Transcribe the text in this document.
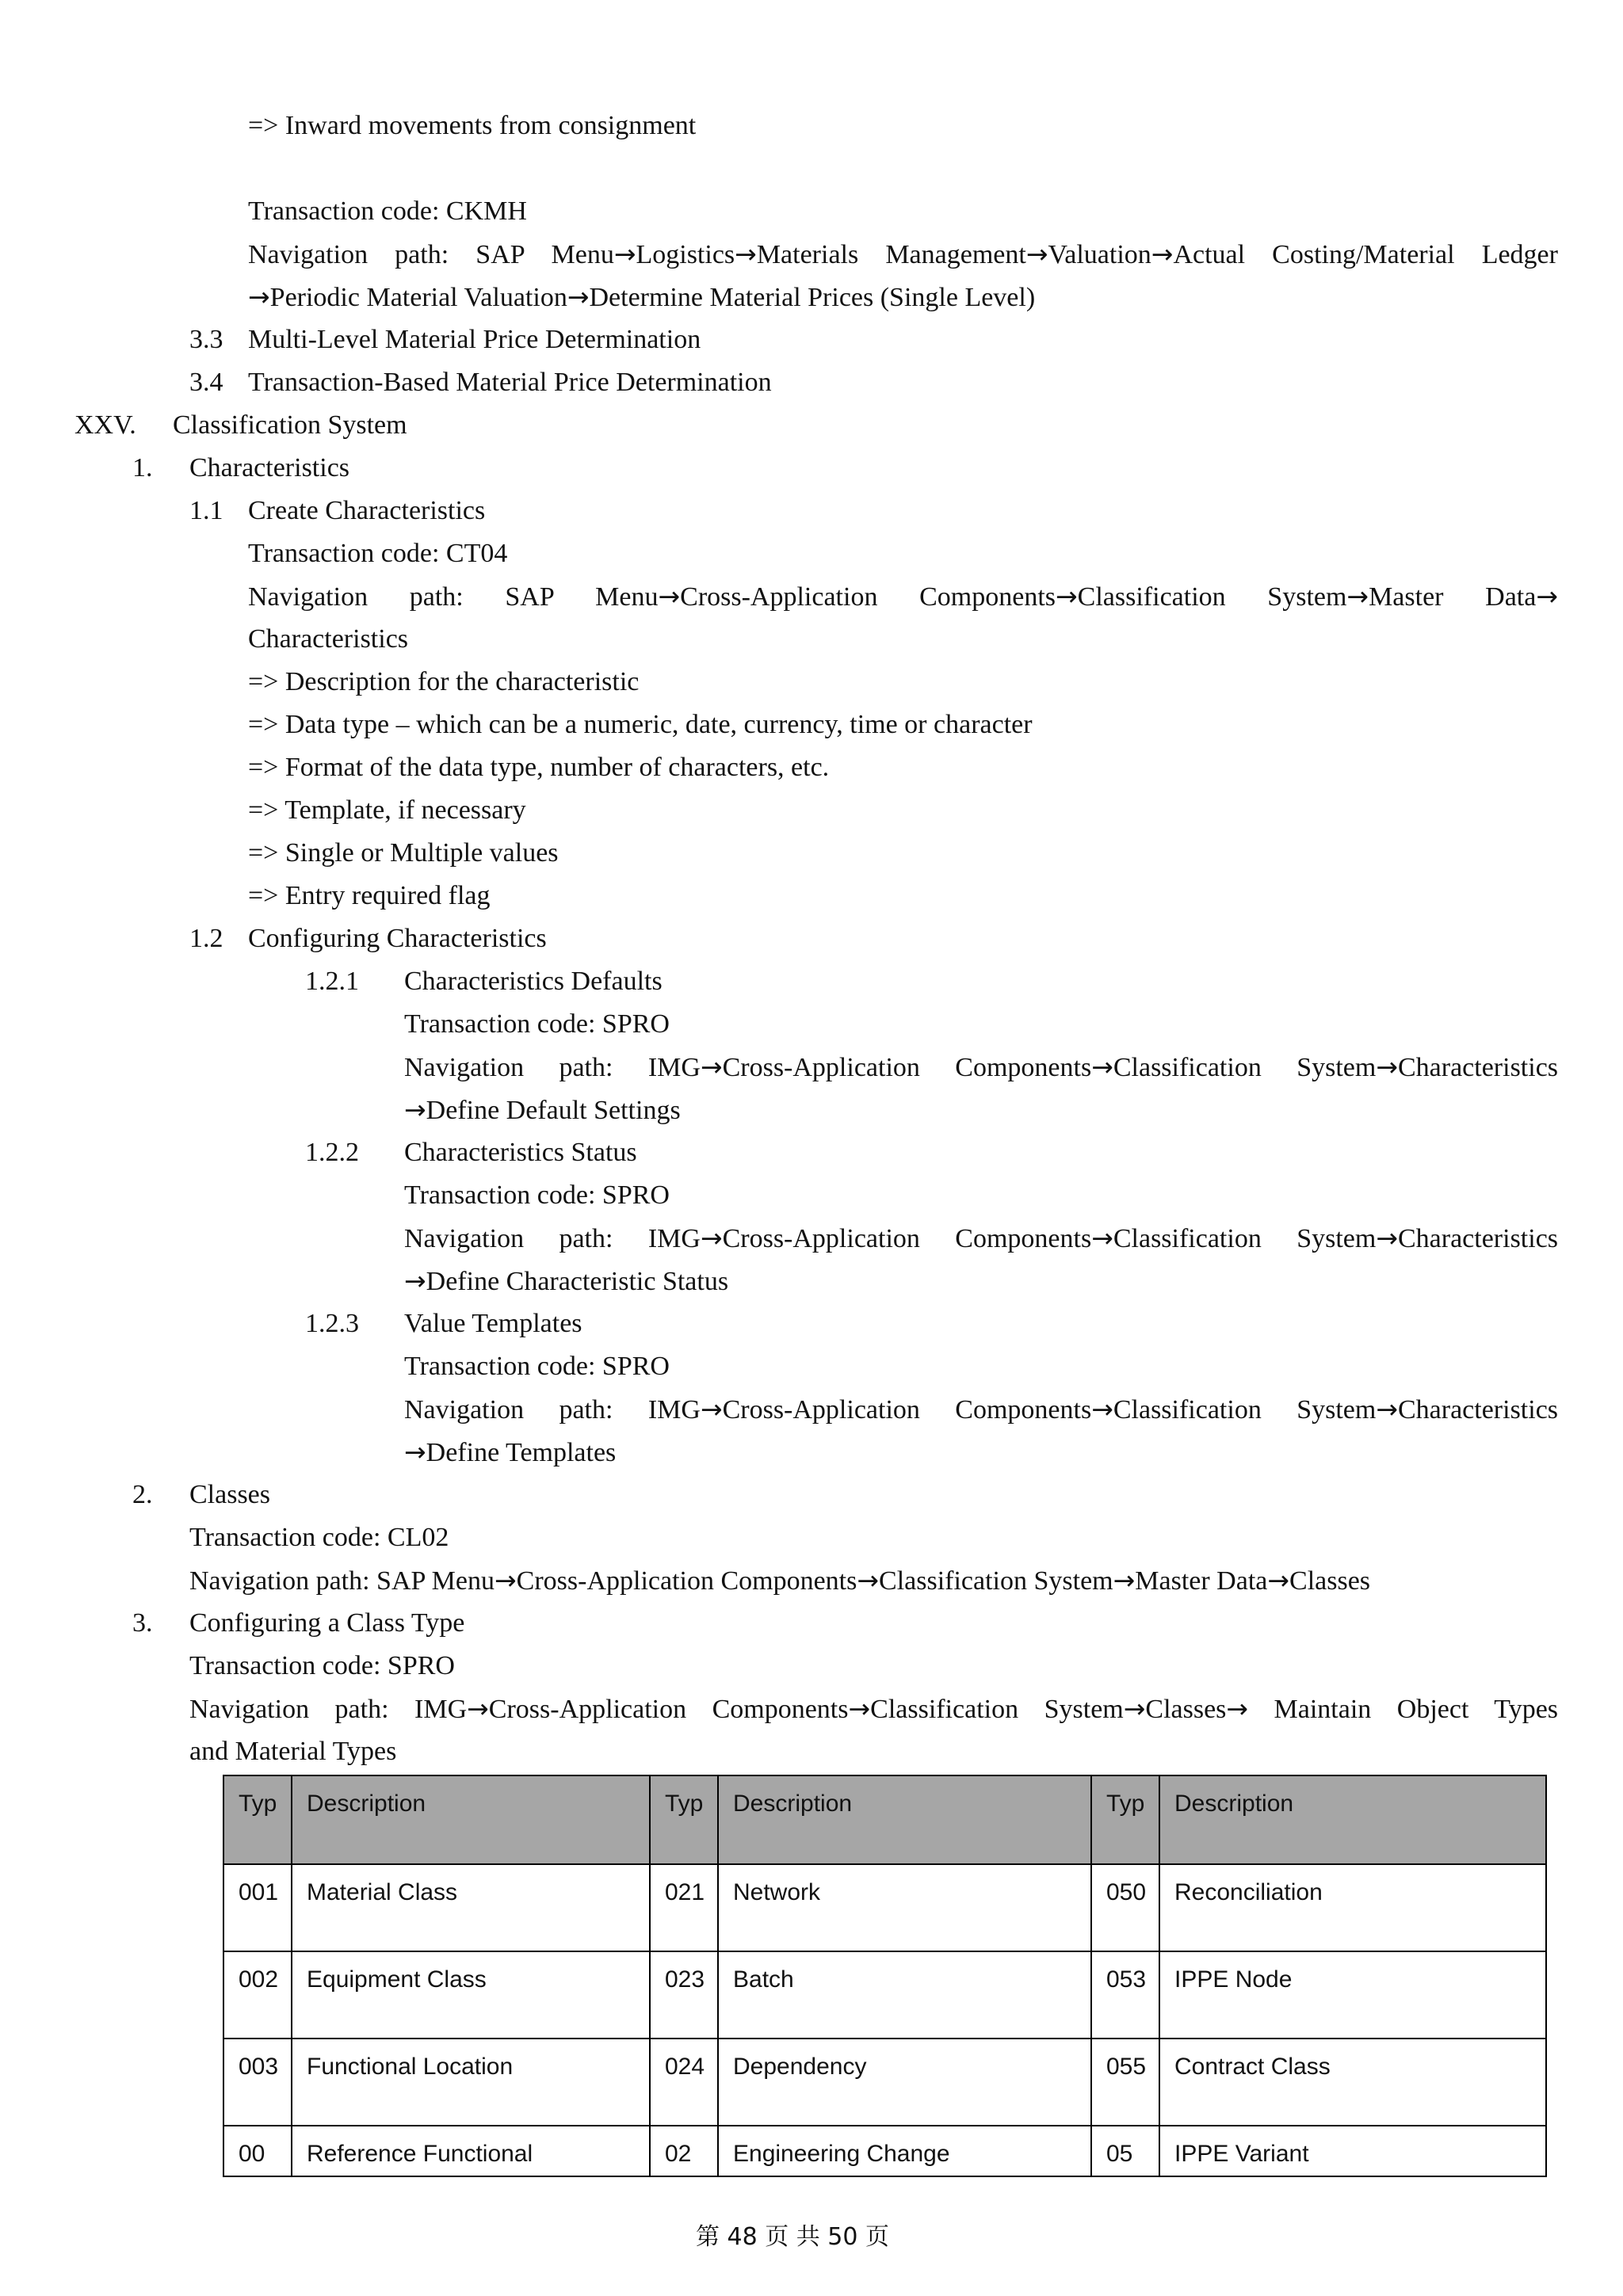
=> Inward movements from consignment
Transaction code: CKMH
Navigation path: SAP Menu→Logistics→Materials Management→Valuation→Actual Costing/Material Ledger
→Periodic Material Valuation→Determine Material Prices (Single Level)
3.3 Multi-Level Material Price Determination
3.4 Transaction-Based Material Price Determination
XXV. Classification System
1. Characteristics
1.1 Create Characteristics
Transaction code: CT04
Navigation path: SAP Menu→Cross-Application Components→Classification System→Master Data→
Characteristics
=> Description for the characteristic
=> Data type – which can be a numeric, date, currency, time or character
=> Format of the data type, number of characters, etc.
=> Template, if necessary
=> Single or Multiple values
=> Entry required flag
1.2 Configuring Characteristics
1.2.1 Characteristics Defaults
Transaction code: SPRO
Navigation path: IMG→Cross-Application Components→Classification System→Characteristics
→Define Default Settings
1.2.2 Characteristics Status
Transaction code: SPRO
Navigation path: IMG→Cross-Application Components→Classification System→Characteristics
→Define Characteristic Status
1.2.3 Value Templates
Transaction code: SPRO
Navigation path: IMG→Cross-Application Components→Classification System→Characteristics
→Define Templates
2. Classes
Transaction code: CL02
Navigation path: SAP Menu→Cross-Application Components→Classification System→Master Data→Classes
3. Configuring a Class Type
Transaction code: SPRO
Navigation path: IMG→Cross-Application Components→Classification System→Classes→ Maintain Object Types
and Material Types
Typ	Description	Typ	Description	Typ	Description
001	Material Class	021	Network	050	Reconciliation
002	Equipment Class	023	Batch	053	IPPE Node
003	Functional Location	024	Dependency	055	Contract Class
00	Reference Functional	02	Engineering Change	05	IPPE Variant
第 48 页 共 50 页
